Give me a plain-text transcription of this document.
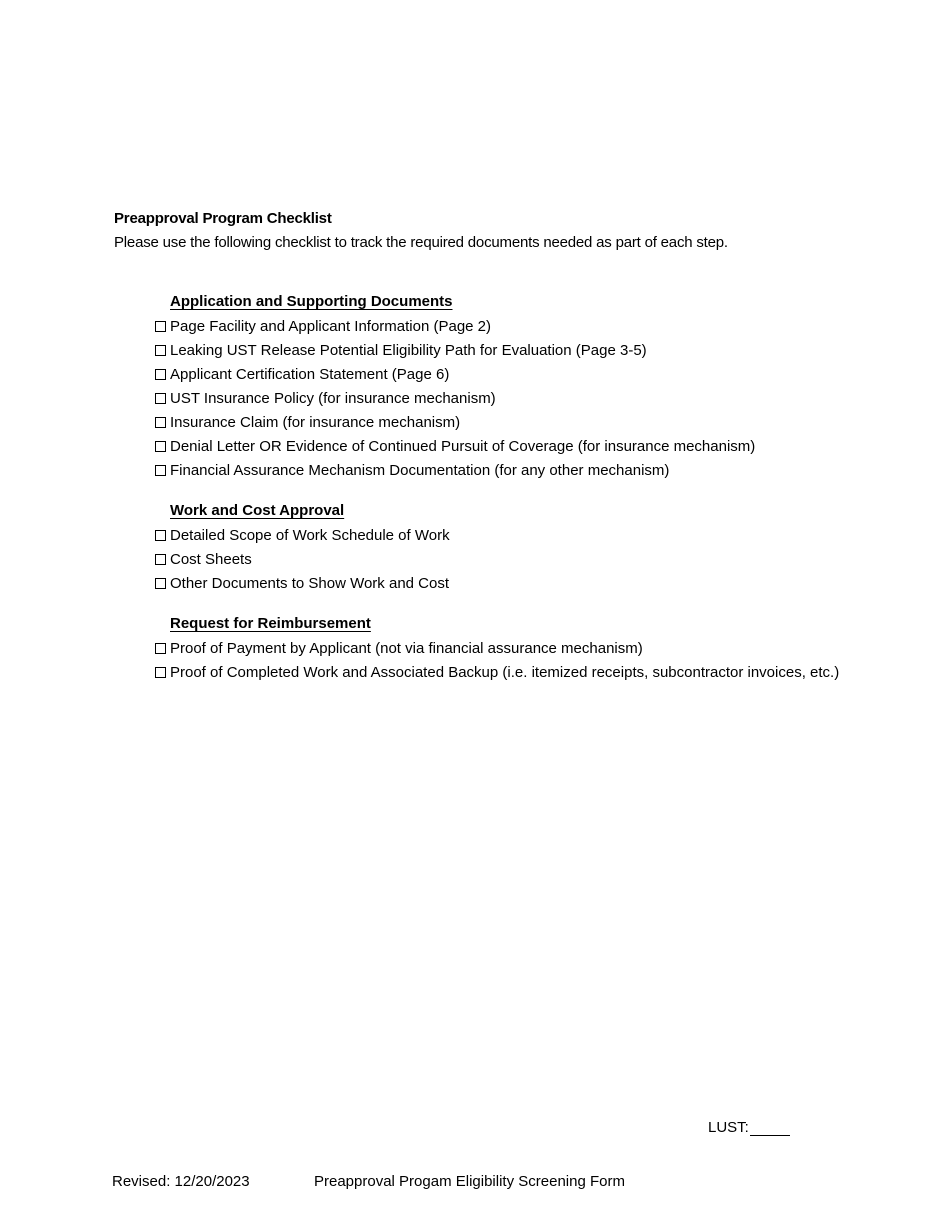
Preapproval Program Checklist
Please use the following checklist to track the required documents needed as part of each step.
Application and Supporting Documents
Page Facility and Applicant Information (Page 2)
Leaking UST Release Potential Eligibility Path for Evaluation (Page 3-5)
Applicant Certification Statement (Page 6)
UST Insurance Policy (for insurance mechanism)
Insurance Claim (for insurance mechanism)
Denial Letter OR Evidence of Continued Pursuit of Coverage (for insurance mechanism)
Financial Assurance Mechanism Documentation (for any other mechanism)
Work and Cost Approval
Detailed Scope of Work Schedule of Work
Cost Sheets
Other Documents to Show Work and Cost
Request for Reimbursement
Proof of Payment by Applicant (not via financial assurance mechanism)
Proof of Completed Work and Associated Backup (i.e. itemized receipts, subcontractor invoices, etc.)
LUST:
Revised: 12/20/2023	Preapproval Progam Eligibility Screening Form
